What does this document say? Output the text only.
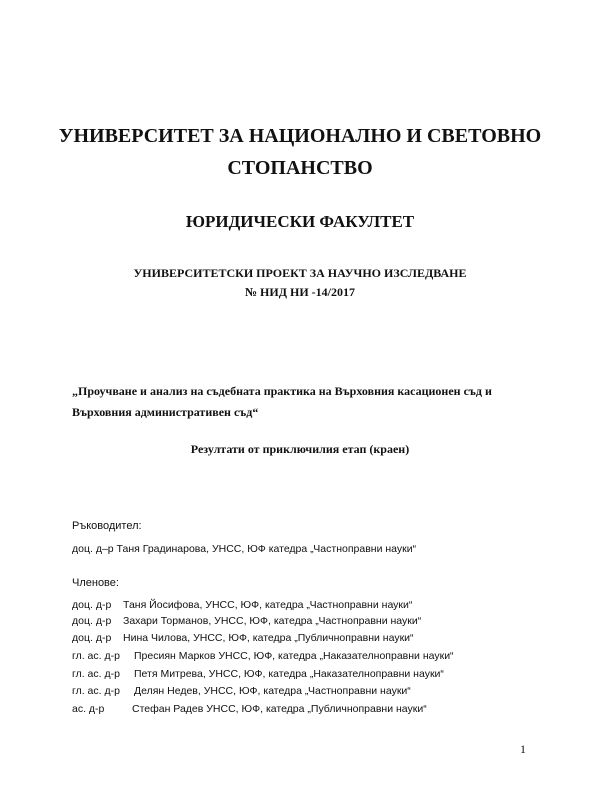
УНИВЕРСИТЕТ ЗА НАЦИОНАЛНО И СВЕТОВНО
СТОПАНСТВО
ЮРИДИЧЕСКИ ФАКУЛТЕТ
УНИВЕРСИТЕТСКИ ПРОЕКТ ЗА НАУЧНО ИЗСЛЕДВАНЕ
№ НИД НИ -14/2017
„Проучване и анализ на съдебната практика на Върховния касационен съд и
Върховния административен съд“
Резултати от приключилия етап (краен)
Ръководител:
доц. д–р Таня Градинарова, УНСС, ЮФ катедра „Частноправни науки“
Членове:
доц. д-р Таня Йосифова, УНСС, ЮФ, катедра „Частноправни науки“
доц. д-р Захари Торманов, УНСС, ЮФ, катедра „Частноправни науки“
доц. д-р Нина Чилова, УНСС, ЮФ, катедра „Публичноправни науки“
гл. ас. д-р Пресиян Марков УНСС, ЮФ, катедра „Наказателноправни науки“
гл. ас. д-р Петя Митрева, УНСС, ЮФ, катедра „Наказателноправни науки“
гл. ас. д-р Делян Недев, УНСС, ЮФ, катедра „Частноправни науки“
ас. д-р	Стефан Радев УНСС, ЮФ, катедра „Публичноправни науки“
1
